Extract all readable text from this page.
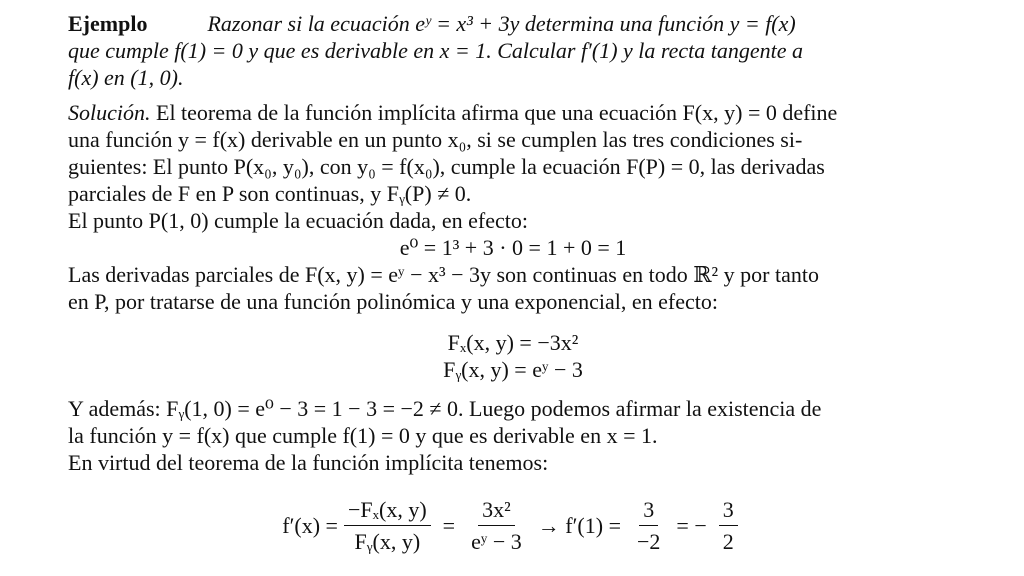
Ejemplo	Razonar si la ecuación eʸ = x³ + 3y determina una función y = f(x)
que cumple f(1) = 0 y que es derivable en x = 1. Calcular f′(1) y la recta tangente a
f(x) en (1, 0).
Solución.
El teorema de la función implícita afirma que una ecuación F(x, y) = 0 define
una función y = f(x) derivable en un punto x₀, si se cumplen las tres condiciones si-
guientes: El punto P(x₀, y₀), con y₀ = f(x₀), cumple la ecuación F(P) = 0, las derivadas
parciales de F en P son continuas, y Fᵧ(P) ≠ 0.
El punto P(1, 0) cumple la ecuación dada, en efecto:
e⁰ = 1³ + 3 · 0 = 1 + 0 = 1
Las derivadas parciales de F(x, y) = eʸ − x³ − 3y son continuas en todo ℝ² y por tanto
en P, por tratarse de una función polinómica y una exponencial, en efecto:
Fₓ(x, y) = −3x²
Fᵧ(x, y) = eʸ − 3
Y además: Fᵧ(1, 0) = e⁰ − 3 = 1 − 3 = −2 ≠ 0. Luego podemos afirmar la existencia de
la función y = f(x) que cumple f(1) = 0 y que es derivable en x = 1.
En virtud del teorema de la función implícita tenemos:
$f'(x) = \frac{\text{−Fₓ(x, y)}}{\text{Fᵧ(x, y)}} = \frac{\text{3x²}}{\text{eʸ − 3}} \to f'(1) = \frac{3}{-2}$ = − $\frac{3}{2}$
